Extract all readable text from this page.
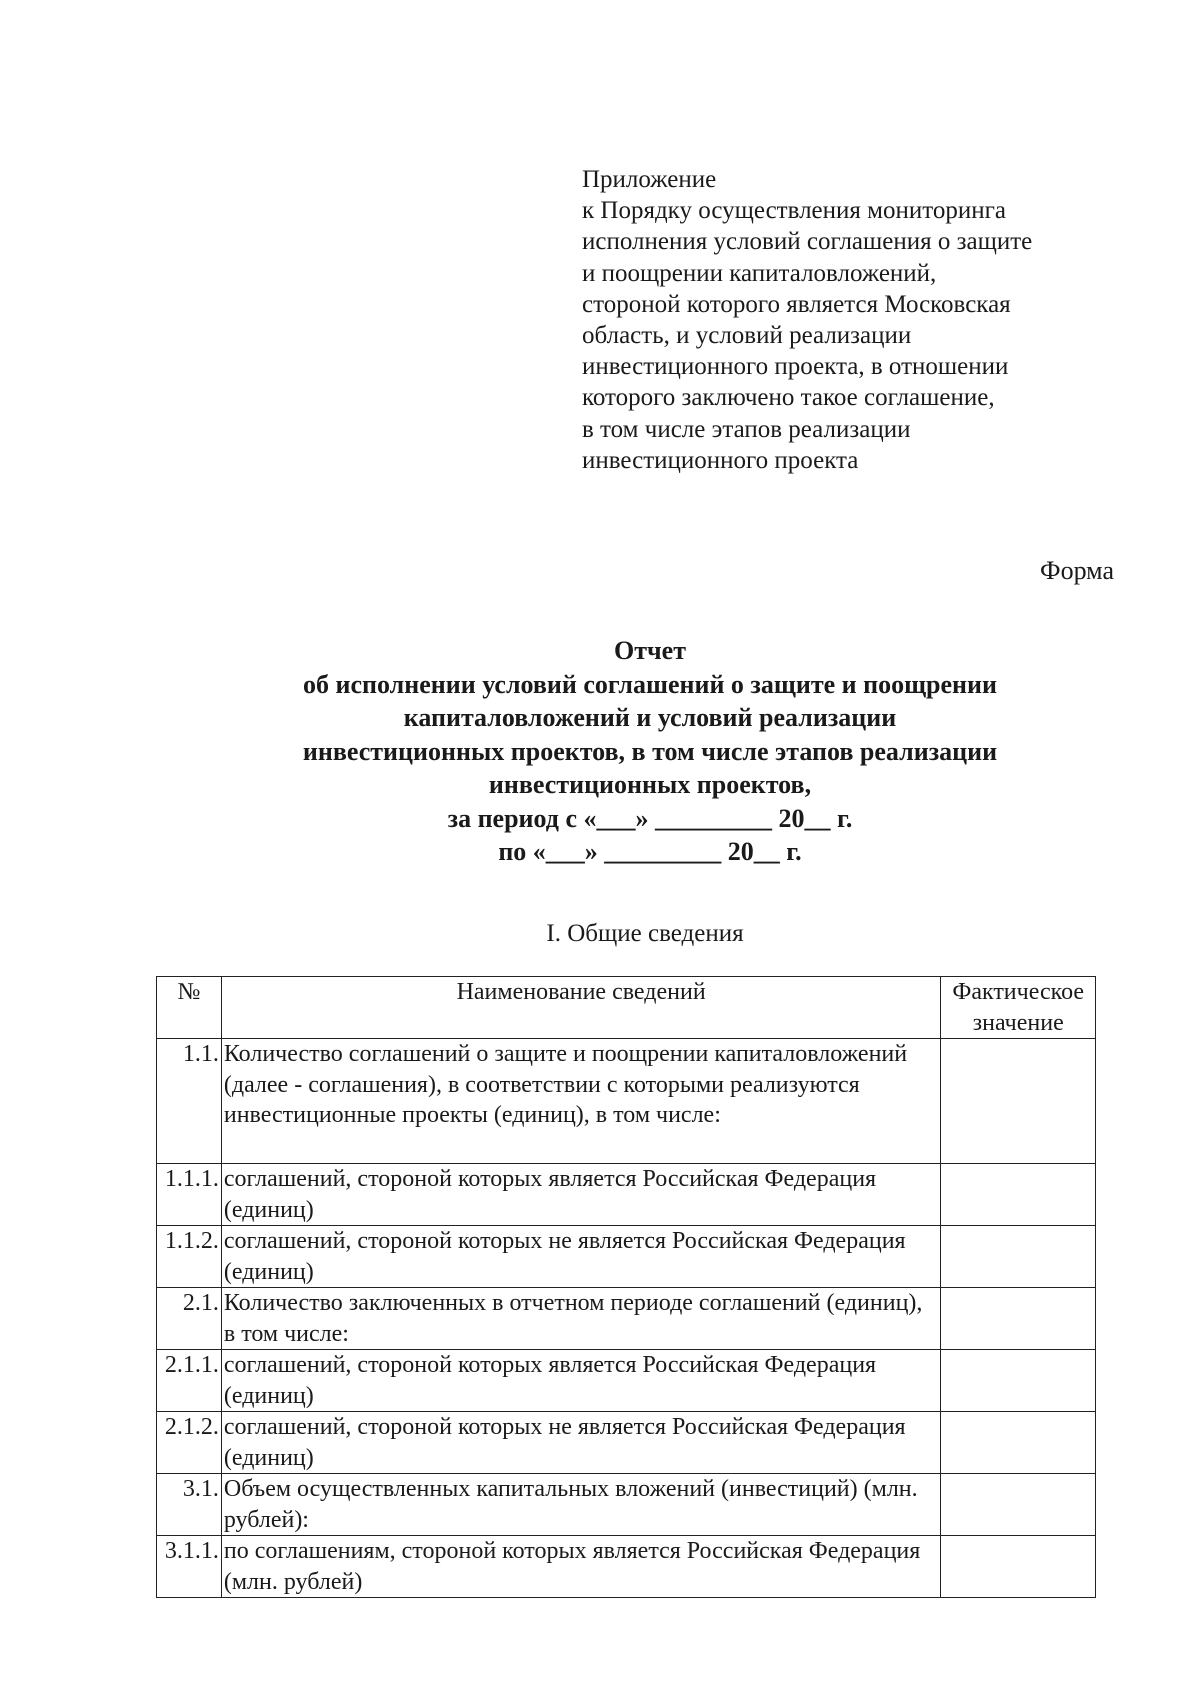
Приложение
к Порядку осуществления мониторинга
исполнения условий соглашения о защите
и поощрении капиталовложений,
стороной которого является Московская
область, и условий реализации
инвестиционного проекта, в отношении
которого заключено такое соглашение,
в том числе этапов реализации
инвестиционного проекта
Форма
Отчет
об исполнении условий соглашений о защите и поощрении
капиталовложений и условий реализации
инвестиционных проектов, в том числе этапов реализации
инвестиционных проектов,
за период с «___» _________ 20__ г.
по «___» _________ 20__ г.
I. Общие сведения
№	Наименование сведений	Фактическое значение
1.1.	Количество соглашений о защите и поощрении капиталовложений (далее - соглашения), в соответствии с которыми реализуются инвестиционные проекты (единиц), в том числе:	
1.1.1.	соглашений, стороной которых является Российская Федерация (единиц)	
1.1.2.	соглашений, стороной которых не является Российская Федерация (единиц)	
2.1.	Количество заключенных в отчетном периоде соглашений (единиц), в том числе:	
2.1.1.	соглашений, стороной которых является Российская Федерация (единиц)	
2.1.2.	соглашений, стороной которых не является Российская Федерация (единиц)	
3.1.	Объем осуществленных капитальных вложений (инвестиций) (млн. рублей):	
3.1.1.	по соглашениям, стороной которых является Российская Федерация (млн. рублей)	
